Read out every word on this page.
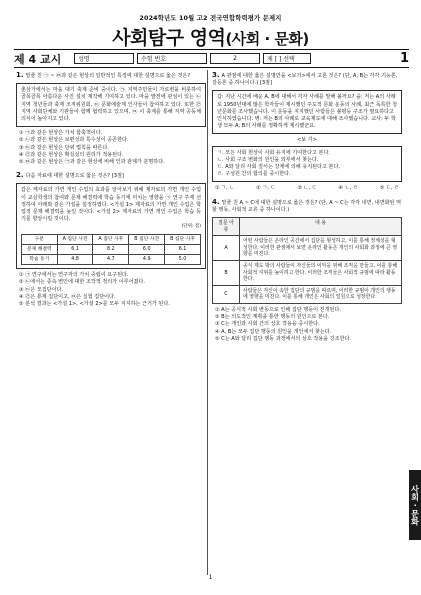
2024학년도 10월 고2 전국연합학력평가 문제지
사회탐구 영역(사회 · 문화)
제 4 교시	성명	수험 번호	2	제 [ ] 선택	1
1. 밑줄 친 ㉠ ~ ㉤과 같은 현상의 일반적인 특징에 대한 설명으로 옳은 것은?
춘삼가에서는 마을 대기 축제 준비 중이다. ㉠ 지역주민들이 가로변을 비롯하여 골목골목 아름다운 사진 설치 제작해 기여하고 있다. 마을 발전에 관심이 있는 ㉡ 지역 청년들과 축제 조직위원회, ㉢ 문화예술계 인사들이 참여하고 있다. 또한 ㉣ 지역 사회단체와 기관들이 함께 협력하고 있으며, ㉤ 이 축제를 통해 지역 공동체 의식이 높아지고 있다.
① ㉠과 같은 현상은 가치 함축적이다.
② ㉡과 같은 현상은 보편성과 특수성이 공존한다.
③ ㉢과 같은 현상은 당위 법칙을 따른다.
④ ㉣과 같은 현상은 확실성의 원리가 적용된다.
⑤ ㉤과 같은 현상은 ㉠과 같은 현상에 비해 인과 관계가 분명하다.
2. 다음 자료에 대한 설명으로 옳은 것은? [3점]
갑은 제자료의 가면 개인 수업의 효과를 알아보기 위해 제자료의 가면 개인 수업이 교실학생의 참여와 문제 해결력에 학습 동기에 미치는 영향을 ㉠ 연구 주제 선정하여 아래와 같은 가설을 설정하였다. <가설 1> 제자료의 가면 개인 수업은 학업적 문제 해결력을 높일 것이다. <가설 2> 제자료의 가면 개인 수업은 학습 동기를 향상시킬 것이다.
(단위: 점)
구분	A 집단 사전	A 집단 사후	B 집단 사전	B 집단 사후
문제 해결력	6.1	8.2	6.0	6.1
학습 동기	4.8	4.7	4.9	5.0
① ㉠ 연구에서는 연구자의 가치 중립이 요구된다.
② ㉡에서는 종속 변인에 대한 조작적 정의가 이루어졌다.
③ ㉢은 모집단이다.
④ ㉣은 통제 집단이고, ㉤은 실험 집단이다.
⑤ 분석 결과는 <가설 1>, <가설 2>를 모두 지지하는 근거가 된다.
3. A 관점에 대한 옳은 설명만을 <보기>에서 고른 것은? (단, A, B는 각각 기능론, 갈등론 중 하나이다.) [3점]
갑: 지난 시간에 배운 A, B에 대해서 각자 사례를 말해 볼까요? 을: 저는 A의 사례로 1950년대에 많은 학자들이 제시했던 주도적 문화 운동의 사례, 최근 독특한 청년문화를 조사했습니다. 이 운동을 지지했던 사람들은 불평등 구조가 필요하다고 인식하였습니다. 병: 저는 B의 사례로 교육제도에 대해 조사했습니다. 교사: 두 학생 모두 A, B의 사례를 정확하게 제시했군요.
<보 기>
ㄱ. 모든 사회 현상이 사회 유지에 기여한다고 본다.
ㄴ. 사회 구조 변화의 원인을 외부에서 찾는다.
ㄷ. A와 달리 사회 질서는 강제에 의해 유지된다고 본다.
ㄹ. 구성원 간의 합의를 중시한다.
① ㄱ, ㄴ	② ㄱ, ㄷ	③ ㄴ, ㄷ	④ ㄴ, ㄹ	⑤ ㄷ, ㄹ
4. 밑줄 친 A ~ C에 대한 설명으로 옳은 것은? (단, A ~ C는 각각 내면, 내면화된 역할 행동, 사회적 교류 중 하나이다.)
질문 아류	내 용
A	어떤 사람들은 온라인 공간에서 집단을 형성하고, 이를 통해 정체성을 형성한다. 이러한 관점에서 보면 온라인 활동은 개인의 사회화 과정에 큰 영향을 미친다.
B	공식 제도 밖의 사람들이 자신들의 이익을 위해 조직을 만들고, 이를 통해 사회적 지위를 높이려고 한다. 이러한 조직들은 사회적 규범에 따라 활동한다.
C	사람들은 자신이 속한 집단의 규범을 따르며, 이러한 규범이 개인의 행동에 영향을 미친다. 이를 통해 개인은 사회의 일원으로 성장한다.
① A는 공식적 사회 변동으로 인해 집단 행동이 전개된다.
② B는 의도적인 계획을 통한 행동의 원인으로 본다.
③ C는 개인과 사회 간의 상호 작용을 중시한다.
④ A, B는 모두 집단 행동의 원인을 개인에서 찾는다.
⑤ C는 A와 달리 집단 행동 과정에서의 상호 작용을 강조한다.
사회 · 문화
1
